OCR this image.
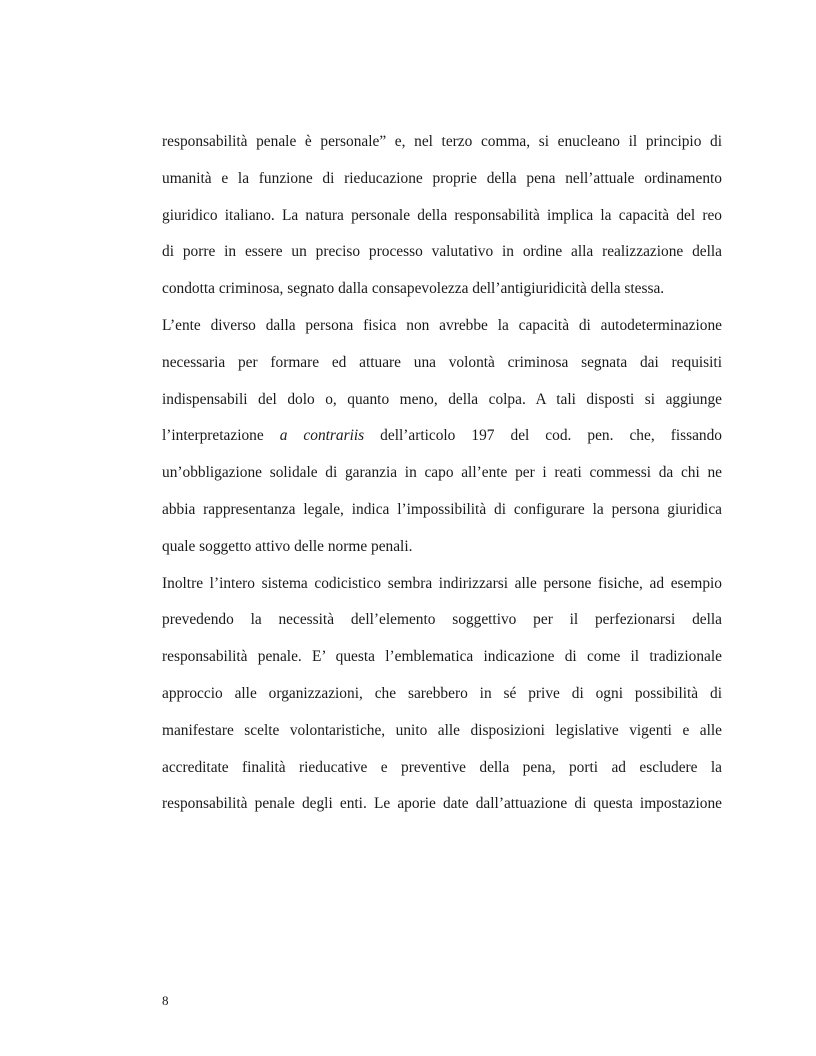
responsabilità penale è personale” e, nel terzo comma, si enucleano il principio di
umanità e la funzione di rieducazione proprie della pena nell’attuale ordinamento
giuridico italiano. La natura personale della responsabilità implica la capacità del reo
di porre in essere un preciso processo valutativo in ordine alla realizzazione della
condotta criminosa, segnato dalla consapevolezza dell’antigiuridicità della stessa.
L’ente diverso dalla persona fisica non avrebbe la capacità di autodeterminazione
necessaria per formare ed attuare una volontà criminosa segnata dai requisiti
indispensabili del dolo o, quanto meno, della colpa. A tali disposti si aggiunge
l’interpretazione a contrariis dell’articolo 197 del cod. pen. che, fissando
un’obbligazione solidale di garanzia in capo all’ente per i reati commessi da chi ne
abbia rappresentanza legale, indica l’impossibilità di configurare la persona giuridica
quale soggetto attivo delle norme penali.
Inoltre l’intero sistema codicistico sembra indirizzarsi alle persone fisiche, ad esempio
prevedendo la necessità dell’elemento soggettivo per il perfezionarsi della
responsabilità penale. E’ questa l’emblematica indicazione di come il tradizionale
approccio alle organizzazioni, che sarebbero in sé prive di ogni possibilità di
manifestare scelte volontaristiche, unito alle disposizioni legislative vigenti e alle
accreditate finalità rieducative e preventive della pena, porti ad escludere la
responsabilità penale degli enti. Le aporie date dall’attuazione di questa impostazione
8
